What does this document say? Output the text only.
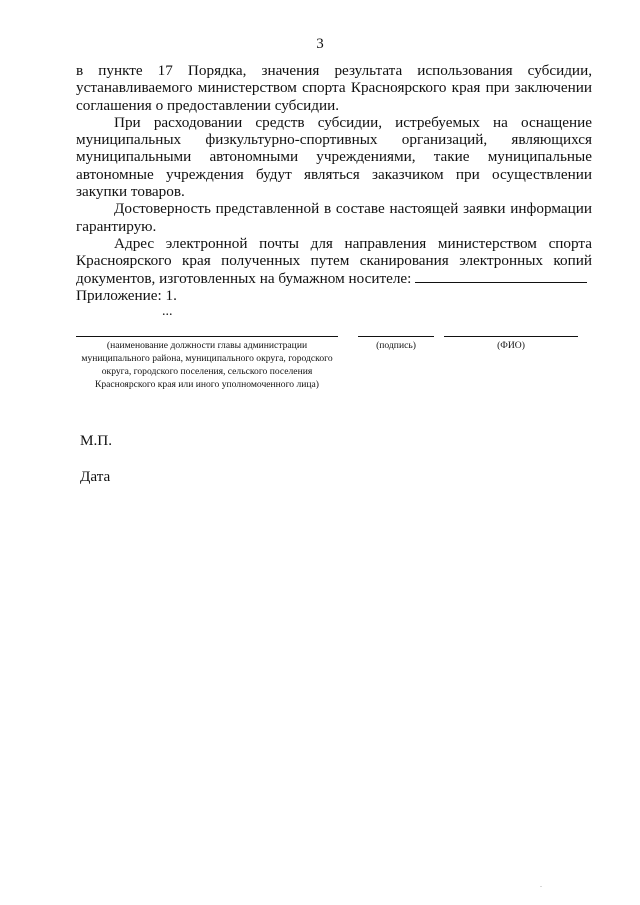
3

в пункте 17 Порядка, значения результата использования субсидии, устанавливаемого министерством спорта Красноярского края при заключении соглашения о предоставлении субсидии.

При расходовании средств субсидии, истребуемых на оснащение муниципальных физкультурно-спортивных организаций, являющихся муниципальными автономными учреждениями, такие муниципальные автономные учреждения будут являться заказчиком при осуществлении закупки товаров.

Достоверность представленной в составе настоящей заявки информации гарантирую.

Адрес электронной почты для направления министерством спорта Красноярского края полученных путем сканирования электронных копий документов, изготовленных на бумажном носителе:

Приложение: 1.

...
(наименование должности главы администрации муниципального района, муниципального округа, городского округа, городского поселения, сельского поселения Красноярского края или иного уполномоченного лица)
(подпись)	(ФИО)
М.П.
Дата
.
